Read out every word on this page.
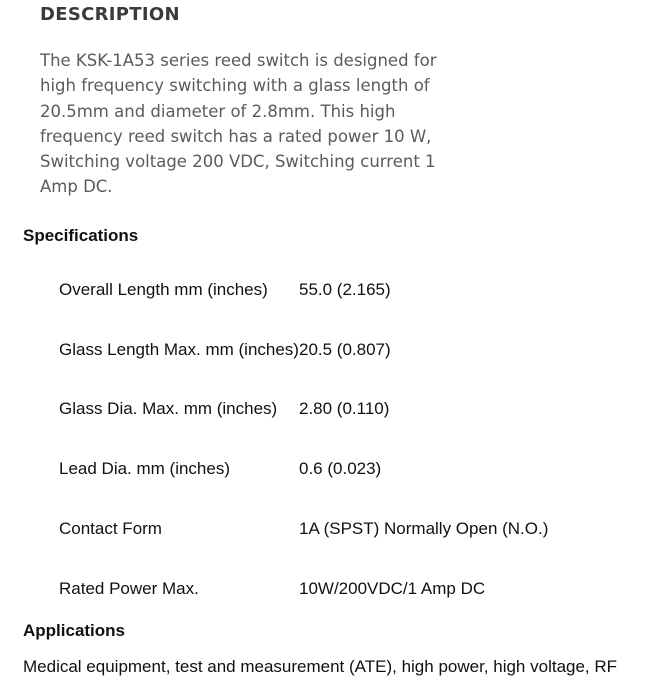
DESCRIPTION

The KSK-1A53 series reed switch is designed for high frequency switching with a glass length of 20.5mm and diameter of 2.8mm. This high frequency reed switch has a rated power 10 W, Switching voltage 200 VDC, Switching current 1 Amp DC.

Specifications
Overall Length mm (inches)	55.0 (2.165)
Glass Length Max. mm (inches)	20.5 (0.807)
Glass Dia. Max. mm (inches)	2.80 (0.110)
Lead Dia. mm (inches)	0.6 (0.023)
Contact Form	1A (SPST) Normally Open (N.O.)
Rated Power Max.	10W/200VDC/1 Amp DC
Applications

Medical equipment, test and measurement (ATE), high power, high voltage, RF
